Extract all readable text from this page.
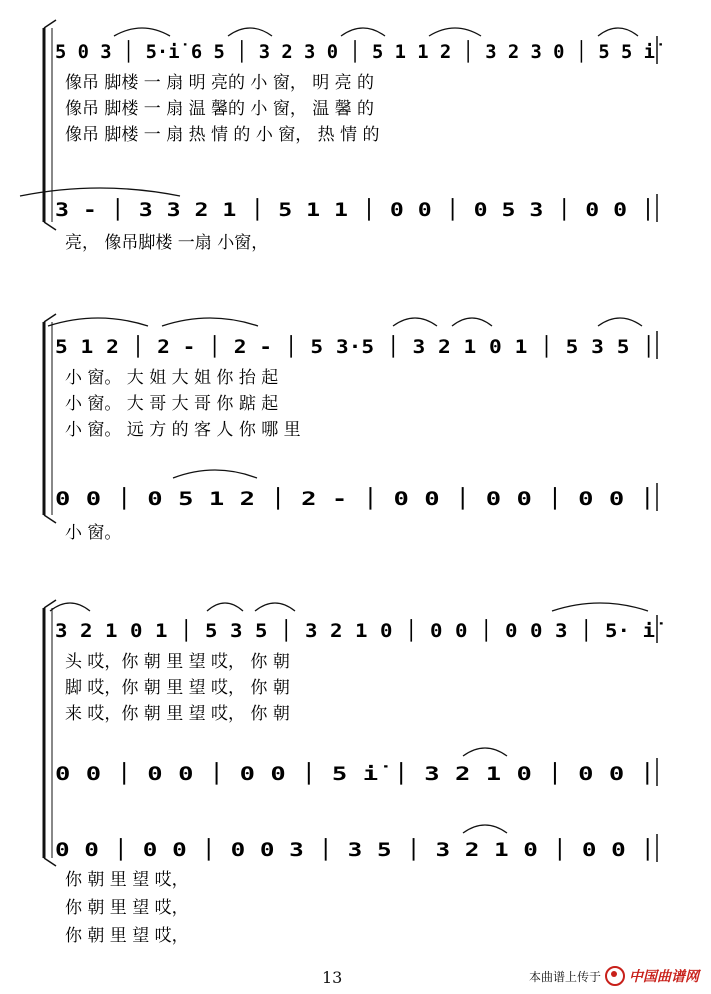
5 0 3 │ 5·i̇ 6 5 │ 3 2 3 0 │ 5 1 1 2 │ 3 2 3 0 │ 5 5 i̇
像吊 脚楼 一 扇 明 亮的 小 窗， 明 亮 的
像吊 脚楼 一 扇 温 馨的 小 窗， 温 馨 的
像吊 脚楼 一 扇 热 情 的 小 窗， 热 情 的
3 - │ 3 3 2 1 │ 5 1 1 │ 0 0 │ 0 5 3 │ 0 0 │
亮， 像吊脚楼 一扇 小窗，
5 1 2 │ 2 - │ 2 - │ 5 3·5 │ 3 2 1 0 1 │ 5 3 5 │
小 窗。 大 姐 大 姐 你 抬 起
小 窗。 大 哥 大 哥 你 踮 起
小 窗。 远 方 的 客 人 你 哪 里
0 0 │ 0 5 1 2 │ 2 - │ 0 0 │ 0 0 │ 0 0 │
小 窗。
3 2 1 0 1 │ 5 3 5 │ 3 2 1 0 │ 0 0 │ 0 0 3 │ 5· i̇
头 哎，你 朝 里 望 哎， 你 朝
脚 哎，你 朝 里 望 哎， 你 朝
来 哎，你 朝 里 望 哎， 你 朝
0 0 │ 0 0 │ 0 0 │ 5 i̇ │ 3 2 1 0 │ 0 0 │
0 0 │ 0 0 │ 0 0 3 │ 3 5 │ 3 2 1 0 │ 0 0 │
你 朝 里 望 哎，
你 朝 里 望 哎，
你 朝 里 望 哎，
13	本曲谱上传于 中国曲谱网
